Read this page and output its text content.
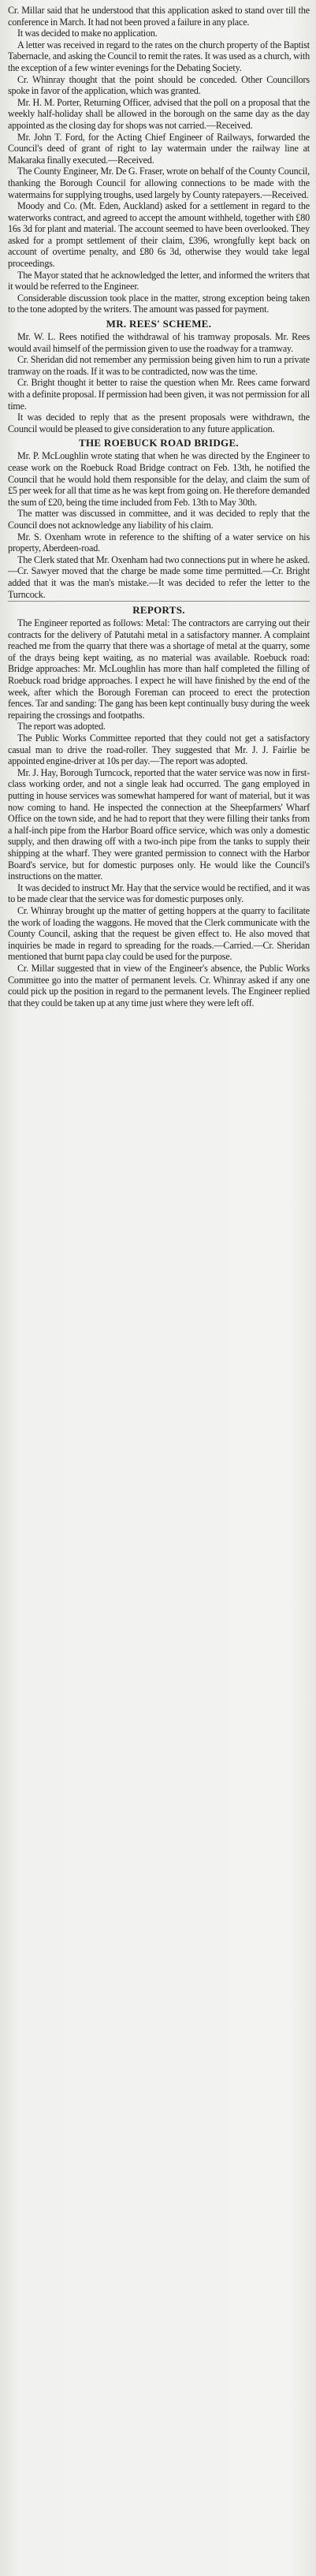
Cr. Millar said that he understood that this application asked to stand over till the conference in March. It had not been proved a failure in any place.

It was decided to make no application.

A letter was received in regard to the rates on the church property of the Baptist Tabernacle, and asking the Council to remit the rates. It was used as a church, with the exception of a few winter evenings for the Debating Society.

Cr. Whinray thought that the point should be conceded. Other Councillors spoke in favor of the application, which was granted.

Mr. H. M. Porter, Returning Officer, advised that the poll on a proposal that the weekly half-holiday shall be allowed in the borough on the same day as the day appointed as the closing day for shops was not carried.—Received.

Mr. John T. Ford, for the Acting Chief Engineer of Railways, forwarded the Council's deed of grant of right to lay watermain under the railway line at Makaraka finally executed.—Received.

The County Engineer, Mr. De G. Fraser, wrote on behalf of the County Council, thanking the Borough Council for allowing connections to be made with the watermains for supplying troughs, used largely by County ratepayers.—Received.

Moody and Co. (Mt. Eden, Auckland) asked for a settlement in regard to the waterworks contract, and agreed to accept the amount withheld, together with £80 16s 3d for plant and material. The account seemed to have been overlooked. They asked for a prompt settlement of their claim, £396, wrongfully kept back on account of overtime penalty, and £80 6s 3d, otherwise they would take legal proceedings.

The Mayor stated that he acknowledged the letter, and informed the writers that it would be referred to the Engineer.

Considerable discussion took place in the matter, strong exception being taken to the tone adopted by the writers. The amount was passed for payment.

MR. REES' SCHEME.

Mr. W. L. Rees notified the withdrawal of his tramway proposals. Mr. Rees would avail himself of the permission given to use the roadway for a tramway.

Cr. Sheridan did not remember any permission being given him to run a private tramway on the roads. If it was to be contradicted, now was the time.

Cr. Bright thought it better to raise the question when Mr. Rees came forward with a definite proposal. If permission had been given, it was not permission for all time.

It was decided to reply that as the present proposals were withdrawn, the Council would be pleased to give consideration to any future application.

THE ROEBUCK ROAD BRIDGE.

Mr. P. McLoughlin wrote stating that when he was directed by the Engineer to cease work on the Roebuck Road Bridge contract on Feb. 13th, he notified the Council that he would hold them responsible for the delay, and claim the sum of £5 per week for all that time as he was kept from going on. He therefore demanded the sum of £20, being the time included from Feb. 13th to May 30th.

The matter was discussed in committee, and it was decided to reply that the Council does not acknowledge any liability of his claim.

Mr. S. Oxenham wrote in reference to the shifting of a water service on his property, Aberdeen-road.

The Clerk stated that Mr. Oxenham had two connections put in where he asked.—Cr. Sawyer moved that the charge be made some time permitted.—Cr. Bright added that it was the man's mistake.—It was decided to refer the letter to the Turncock.

REPORTS.

The Engineer reported as follows: Metal: The contractors are carrying out their contracts for the delivery of Patutahi metal in a satisfactory manner. A complaint reached me from the quarry that there was a shortage of metal at the quarry, some of the drays being kept waiting, as no material was available. Roebuck road: Bridge approaches: Mr. McLoughlin has more than half completed the filling of Roebuck road bridge approaches. I expect he will have finished by the end of the week, after which the Borough Foreman can proceed to erect the protection fences. Tar and sanding: The gang has been kept continually busy during the week repairing the crossings and footpaths.

The report was adopted.

The Public Works Committee reported that they could not get a satisfactory casual man to drive the road-roller. They suggested that Mr. J. J. Fairlie be appointed engine-driver at 10s per day.—The report was adopted.

Mr. J. Hay, Borough Turncock, reported that the water service was now in first-class working order, and not a single leak had occurred. The gang employed in putting in house services was somewhat hampered for want of material, but it was now coming to hand. He inspected the connection at the Sheepfarmers' Wharf Office on the town side, and he had to report that they were filling their tanks from a half-inch pipe from the Harbor Board office service, which was only a domestic supply, and then drawing off with a two-inch pipe from the tanks to supply their shipping at the wharf. They were granted permission to connect with the Harbor Board's service, but for domestic purposes only. He would like the Council's instructions on the matter.

It was decided to instruct Mr. Hay that the service would be rectified, and it was to be made clear that the service was for domestic purposes only.

Cr. Whinray brought up the matter of getting hoppers at the quarry to facilitate the work of loading the waggons. He moved that the Clerk communicate with the County Council, asking that the request be given effect to. He also moved that inquiries be made in regard to spreading for the roads.—Carried.—Cr. Sheridan mentioned that burnt papa clay could be used for the purpose.

Cr. Millar suggested that in view of the Engineer's absence, the Public Works Committee go into the matter of permanent levels. Cr. Whinray asked if any one could pick up the position in regard to the permanent levels. The Engineer replied that they could be taken up at any time just where they were left off.
